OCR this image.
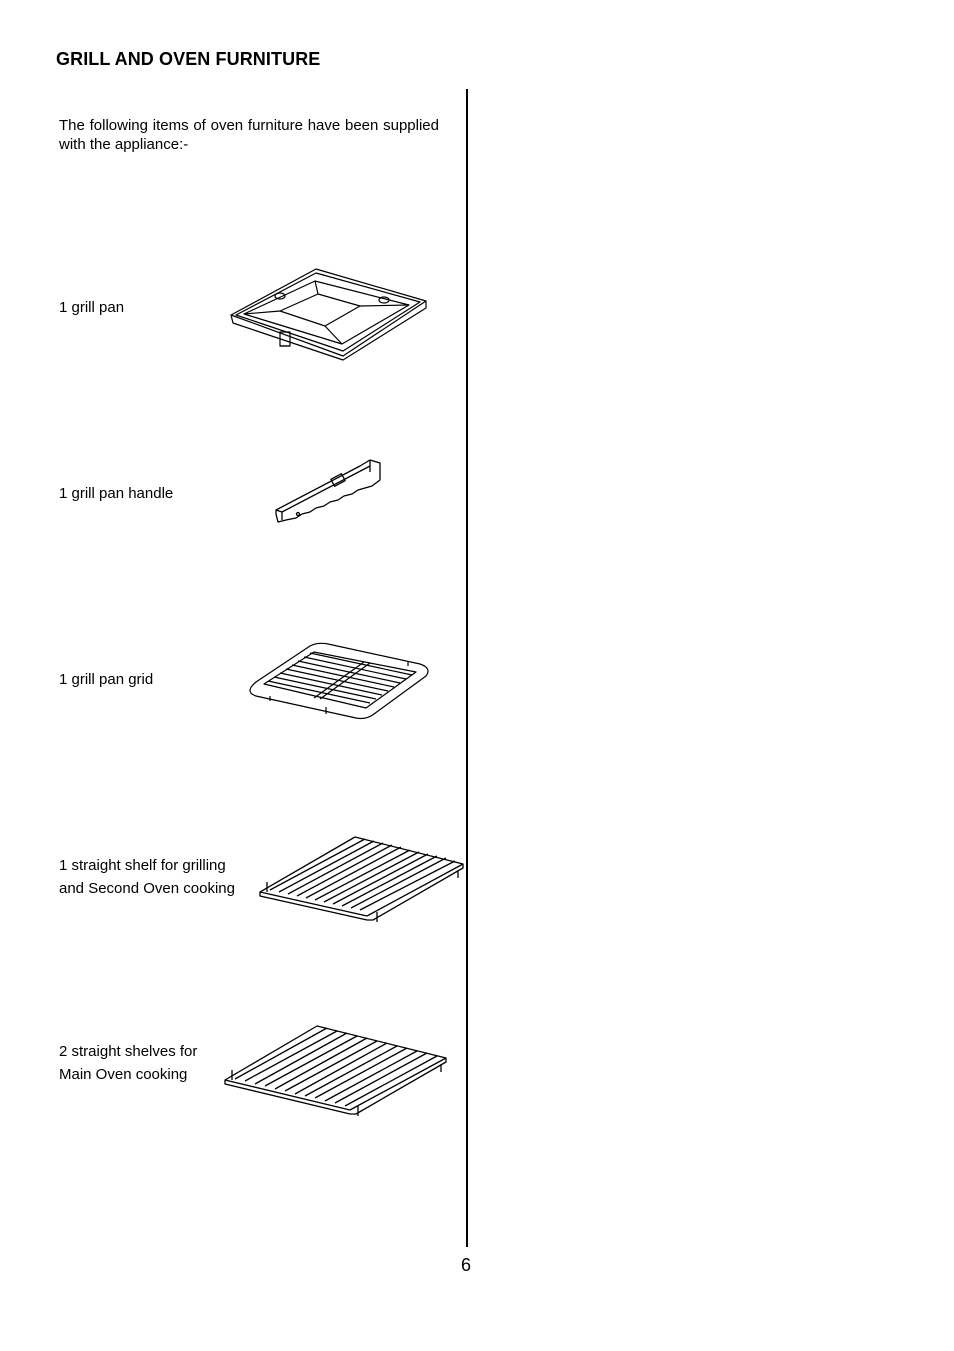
GRILL AND OVEN FURNITURE
The following items of oven furniture have been supplied with the appliance:-
1 grill pan
1 grill pan handle
1 grill pan grid
1 straight shelf for grilling
and Second Oven cooking
2 straight shelves for
Main Oven cooking
6
